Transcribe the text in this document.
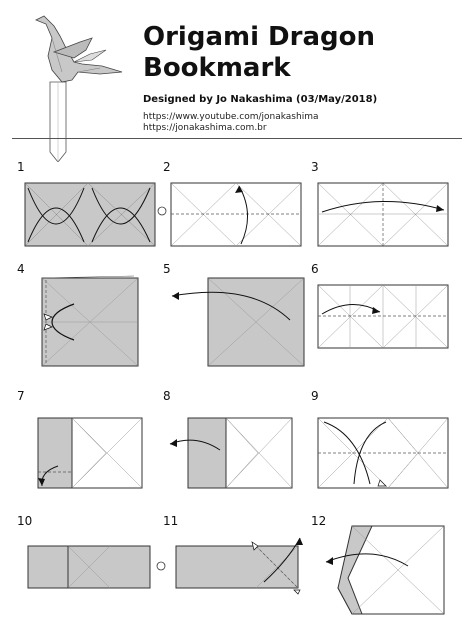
Origami Dragon
Bookmark
Designed by Jo Nakashima (03/May/2018)
https://www.youtube.com/jonakashima
https://jonakashima.com.br
1	2	3
4	5	6
7	8	9
10	11	12
